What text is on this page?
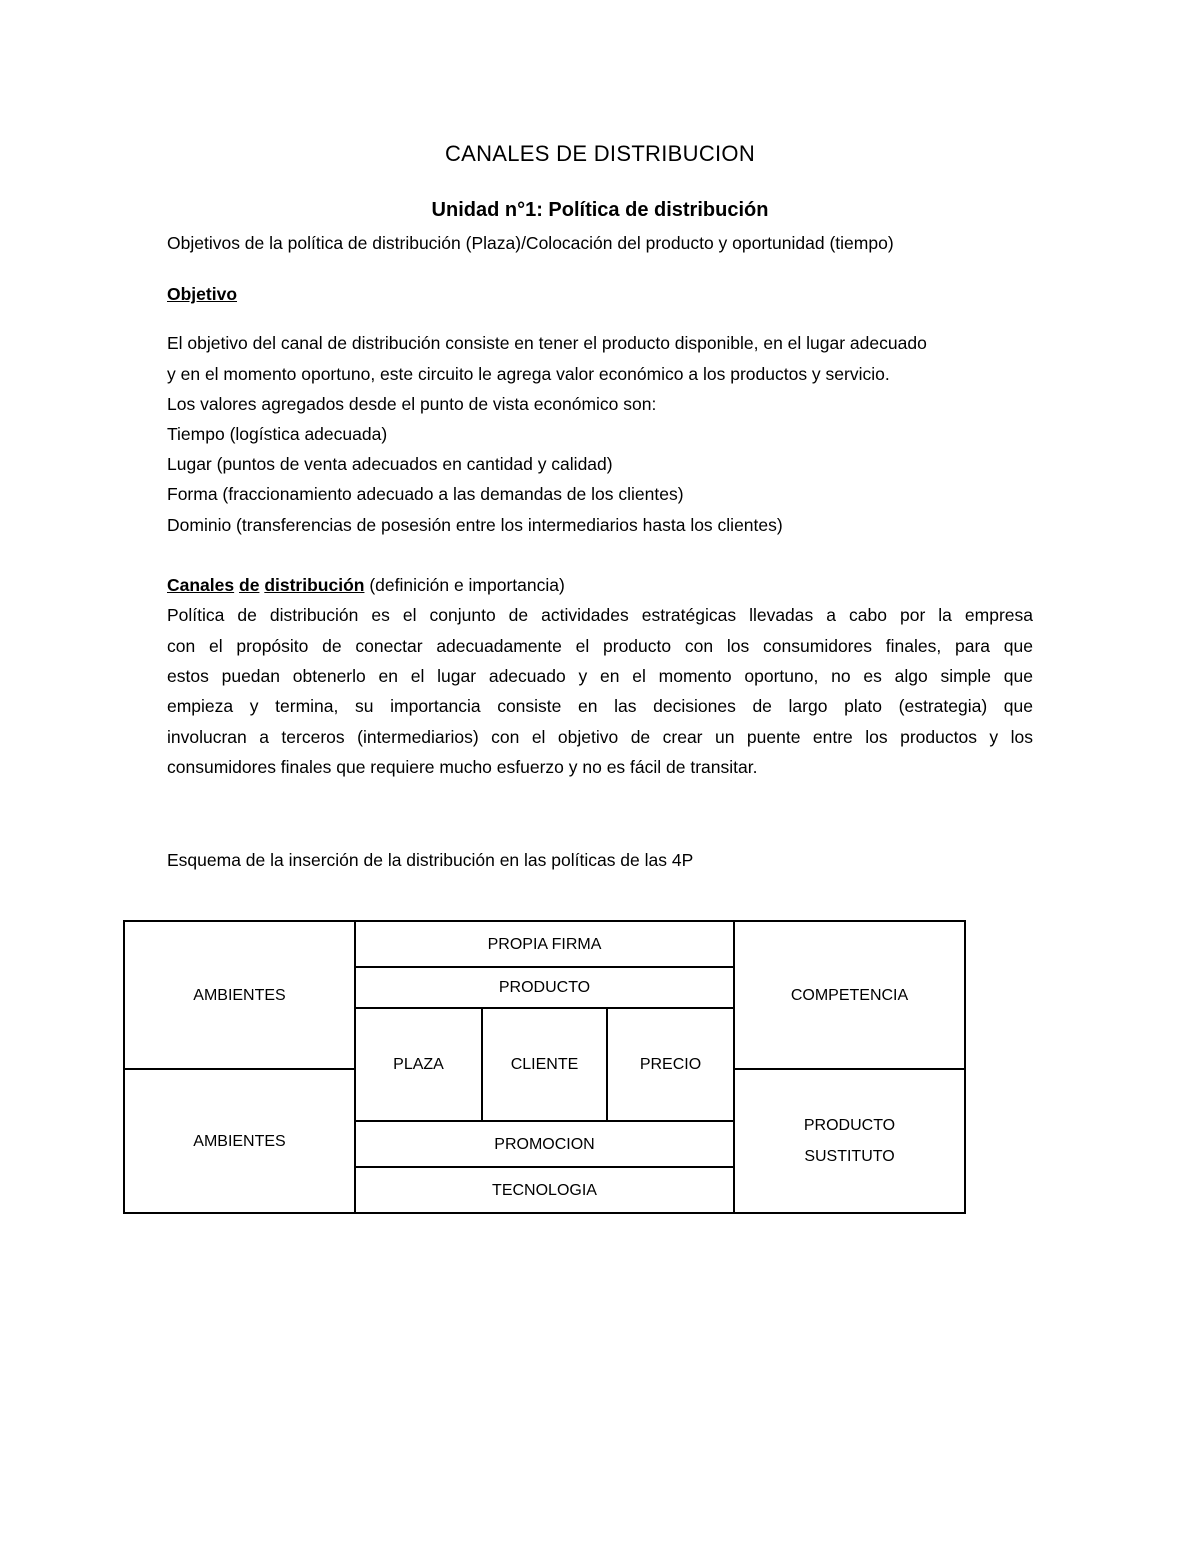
CANALES DE DISTRIBUCION
Unidad n°1: Política de distribución
Objetivos de la política de distribución (Plaza)/Colocación del producto y oportunidad (tiempo)
Objetivo
El objetivo del canal de distribución consiste en tener el producto disponible, en el lugar adecuado
y en el momento oportuno, este circuito le agrega valor económico a los productos y servicio.
Los valores agregados desde el punto de vista económico son:
Tiempo (logística adecuada)
Lugar (puntos de venta adecuados en cantidad y calidad)
Forma (fraccionamiento adecuado a las demandas de los clientes)
Dominio (transferencias de posesión entre los intermediarios hasta los clientes)
Canales de distribución (definición e importancia)
Política de distribución es el conjunto de actividades estratégicas llevadas a cabo por la empresa
con el propósito de conectar adecuadamente el producto con los consumidores finales, para que
estos puedan obtenerlo en el lugar adecuado y en el momento oportuno, no es algo simple que
empieza y termina, su importancia consiste en las decisiones de largo plato (estrategia) que
involucran a terceros (intermediarios) con el objetivo de crear un puente entre los productos y los
consumidores finales que requiere mucho esfuerzo y no es fácil de transitar.
Esquema de la inserción de la distribución en las políticas de las 4P
AMBIENTES
AMBIENTES
PROPIA FIRMA
PRODUCTO
PLAZA	CLIENTE	PRECIO
PROMOCION
TECNOLOGIA
COMPETENCIA
PRODUCTO
SUSTITUTO
